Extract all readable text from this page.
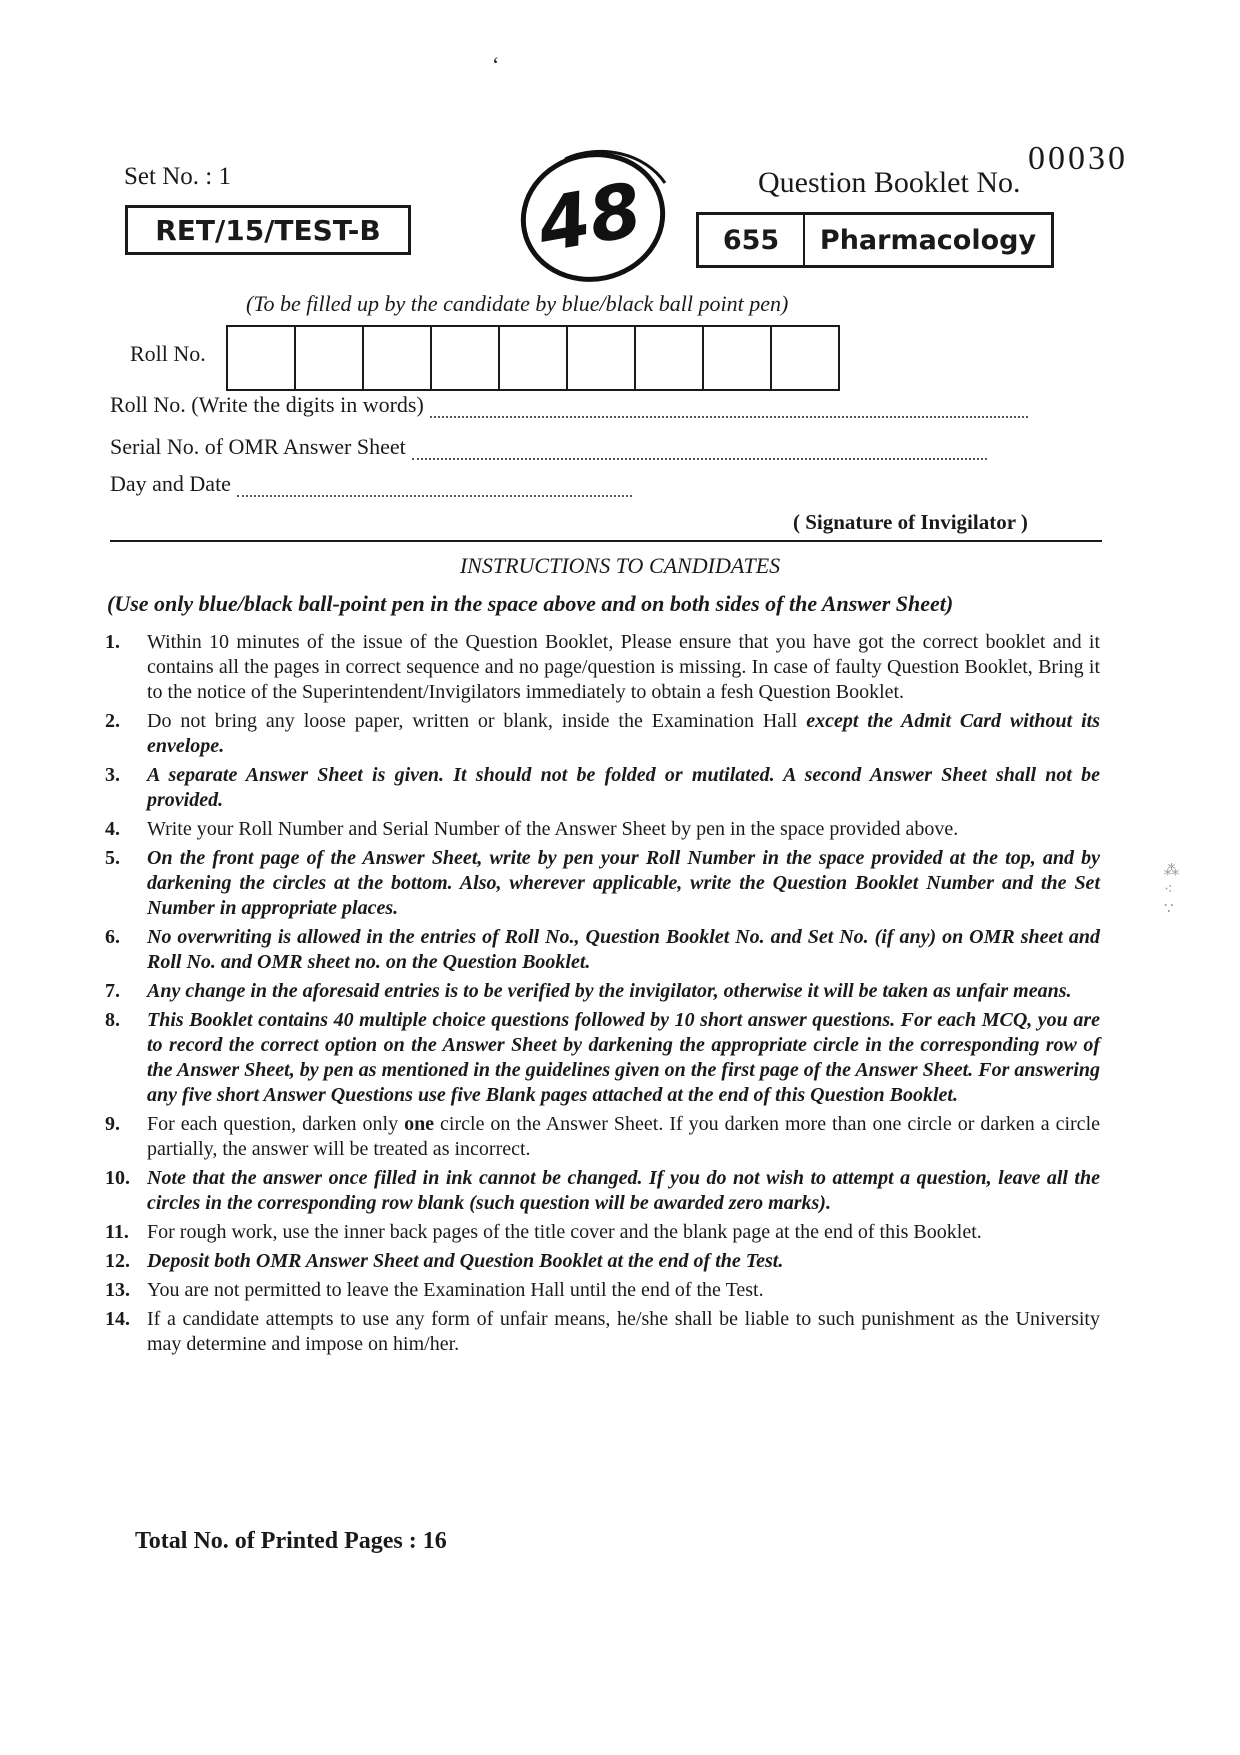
ʻ
00030
Set No. : 1	Question Booklet No.
RET/15/TEST-B 48	655	Pharmacology
(To be filled up by the candidate by blue/black ball point pen)
Roll No.
Roll No. (Write the digits in words)
Serial No. of OMR Answer Sheet
Day and Date
( Signature of Invigilator )
INSTRUCTIONS TO CANDIDATES
(Use only blue/black ball-point pen in the space above and on both sides of the Answer Sheet)
1. Within 10 minutes of the issue of the Question Booklet, Please ensure that you have got the correct booklet and it contains all the pages in correct sequence and no page/question is missing. In case of faulty Question Booklet, Bring it to the notice of the Superintendent/Invigilators immediately to obtain a fesh Question Booklet.
2. Do not bring any loose paper, written or blank, inside the Examination Hall except the Admit Card without its envelope.
3. A separate Answer Sheet is given. It should not be folded or mutilated. A second Answer Sheet shall not be provided.
4. Write your Roll Number and Serial Number of the Answer Sheet by pen in the space provided above.
5. On the front page of the Answer Sheet, write by pen your Roll Number in the space provided at the top, and by darkening the circles at the bottom. Also, wherever applicable, write the Question Booklet Number and the Set Number in appropriate places.
6. No overwriting is allowed in the entries of Roll No., Question Booklet No. and Set No. (if any) on OMR sheet and Roll No. and OMR sheet no. on the Question Booklet.
7. Any change in the aforesaid entries is to be verified by the invigilator, otherwise it will be taken as unfair means.
8. This Booklet contains 40 multiple choice questions followed by 10 short answer questions. For each MCQ, you are to record the correct option on the Answer Sheet by darkening the appropriate circle in the corresponding row of the Answer Sheet, by pen as mentioned in the guidelines given on the first page of the Answer Sheet. For answering any five short Answer Questions use five Blank pages attached at the end of this Question Booklet.
9. For each question, darken only one circle on the Answer Sheet. If you darken more than one circle or darken a circle partially, the answer will be treated as incorrect.
10. Note that the answer once filled in ink cannot be changed. If you do not wish to attempt a question, leave all the circles in the corresponding row blank (such question will be awarded zero marks).
11. For rough work, use the inner back pages of the title cover and the blank page at the end of this Booklet.
12. Deposit both OMR Answer Sheet and Question Booklet at the end of the Test.
13. You are not permitted to leave the Examination Hall until the end of the Test.
14. If a candidate attempts to use any form of unfair means, he/she shall be liable to such punishment as the University may determine and impose on him/her.
Total No. of Printed Pages : 16
⁂
⁖
∵
